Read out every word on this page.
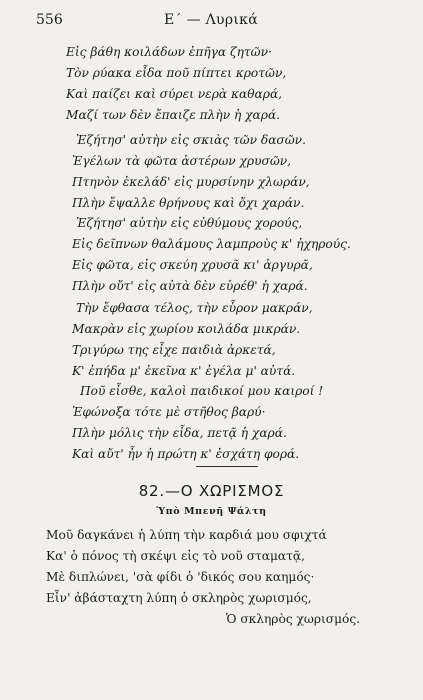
556	Ε΄ — Λυρικά

Εἰς βάθη κοιλάδων ἐπῆγα ζητῶν·

Τὸν ρύακα εἶδα ποῦ πίπτει κροτῶν,

Καὶ παίζει καὶ σύρει νερὰ καθαρά,

Μαζί των δὲν ἔπαιζε πλὴν ἡ χαρά.

Ἐζήτησ' αὐτὴν εἰς σκιὰς τῶν δασῶν.

Ἐγέλων τὰ φῶτα ἀστέρων χρυσῶν,

Πτηνὸν ἐκελάδ' εἰς μυρσίνην χλωράν,

Πλὴν ἔψαλλε θρήνους καὶ ὄχι χαράν.

Ἐζήτησ' αὐτὴν εἰς εὐθύμους χορούς,

Εἰς δεῖπνων θαλάμους λαμπροὺς κ' ἠχηρούς.

Εἰς φῶτα, εἰς σκεύη χρυσᾶ κι' ἀργυρᾶ,

Πλὴν οὔτ' εἰς αὐτὰ δὲν εὑρέθ' ἡ χαρά.

Τὴν ἔφθασα τέλος, τὴν εὗρον μακράν,

Μακρὰν εἰς χωρίου κοιλάδα μικράν.

Τριγύρω της εἶχε παιδιὰ ἀρκετά,

Κ' ἐπήδα μ' ἐκεῖνα κ' ἐγέλα μ' αὐτά.

Ποῦ εἶσθε, καλοὶ παιδικοί μου καιροί !

Ἐφώνοξα τότε μὲ στῆθος βαρύ·

Πλὴν μόλις τὴν εἶδα, πετᾷ ἡ χαρά.

Καὶ αὔτ' ἦν ἡ πρώτη κ' ἐσχάτη φορά.

82.—Ο ΧΩΡΙΣΜΟΣ

Ὑπὸ Μπενῆ Ψάλτη

Μοῦ δαγκάνει ἡ λύπη τὴν καρδιά μου σφιχτά

Κα' ὁ πόνος τὴ σκέψι εἰς τὸ νοῦ σταματᾷ,

Μὲ διπλώνει, 'σὰ φίδι ὁ 'δικός σου καημός·

Εἶν' ἀβάσταχτη λύπη ὁ σκληρὸς χωρισμός,

Ὁ σκληρὸς χωρισμός.
